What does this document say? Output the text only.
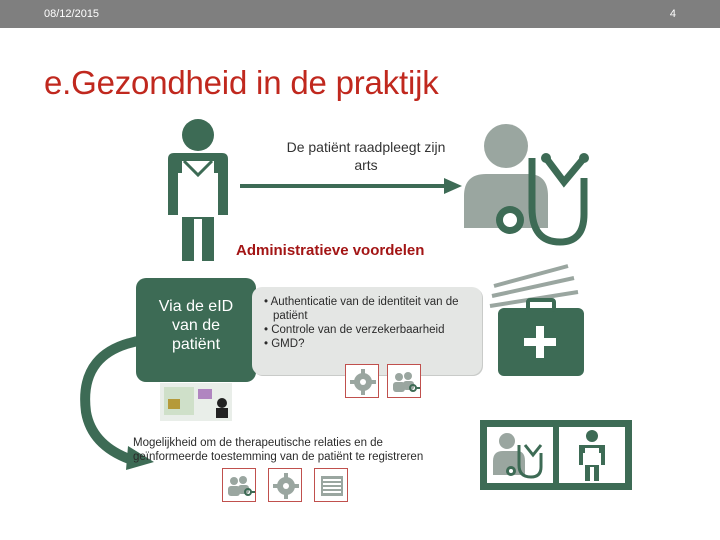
08/12/2015	4
e.Gezondheid in de praktijk
De patiënt raadpleegt zijn arts
Administratieve voordelen
Via de eID
van de
patiënt
• Authenticatie van de identiteit van de patiënt
• Controle van de verzekerbaarheid
• GMD?
Mogelijkheid om de therapeutische relaties en de
geïnformeerde toestemming van de patiënt te registreren
